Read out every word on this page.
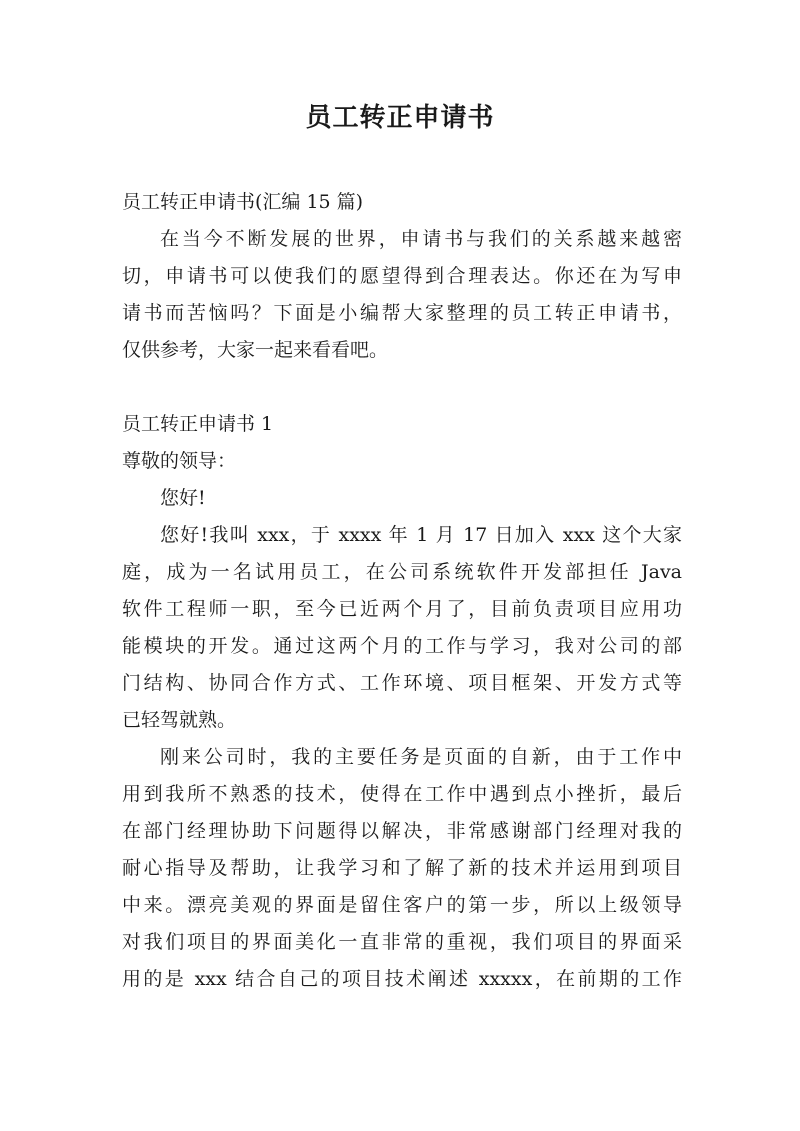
员工转正申请书
员工转正申请书(汇编 15 篇)
在当今不断发展的世界，申请书与我们的关系越来越密
切，申请书可以使我们的愿望得到合理表达。你还在为写申
请书而苦恼吗？下面是小编帮大家整理的员工转正申请书，
仅供参考，大家一起来看看吧。
员工转正申请书 1
尊敬的领导：
您好!
您好!我叫 xxx，于 xxxx 年 1 月 17 日加入 xxx 这个大家
庭，成为一名试用员工，在公司系统软件开发部担任 Java
软件工程师一职，至今已近两个月了，目前负责项目应用功
能模块的开发。通过这两个月的工作与学习，我对公司的部
门结构、协同合作方式、工作环境、项目框架、开发方式等
已轻驾就熟。
刚来公司时，我的主要任务是页面的自新，由于工作中
用到我所不熟悉的技术，使得在工作中遇到点小挫折，最后
在部门经理协助下问题得以解决，非常感谢部门经理对我的
耐心指导及帮助，让我学习和了解了新的技术并运用到项目
中来。漂亮美观的界面是留住客户的第一步，所以上级领导
对我们项目的界面美化一直非常的重视，我们项目的界面采
用的是 xxx 结合自己的项目技术阐述 xxxxx，在前期的工作
